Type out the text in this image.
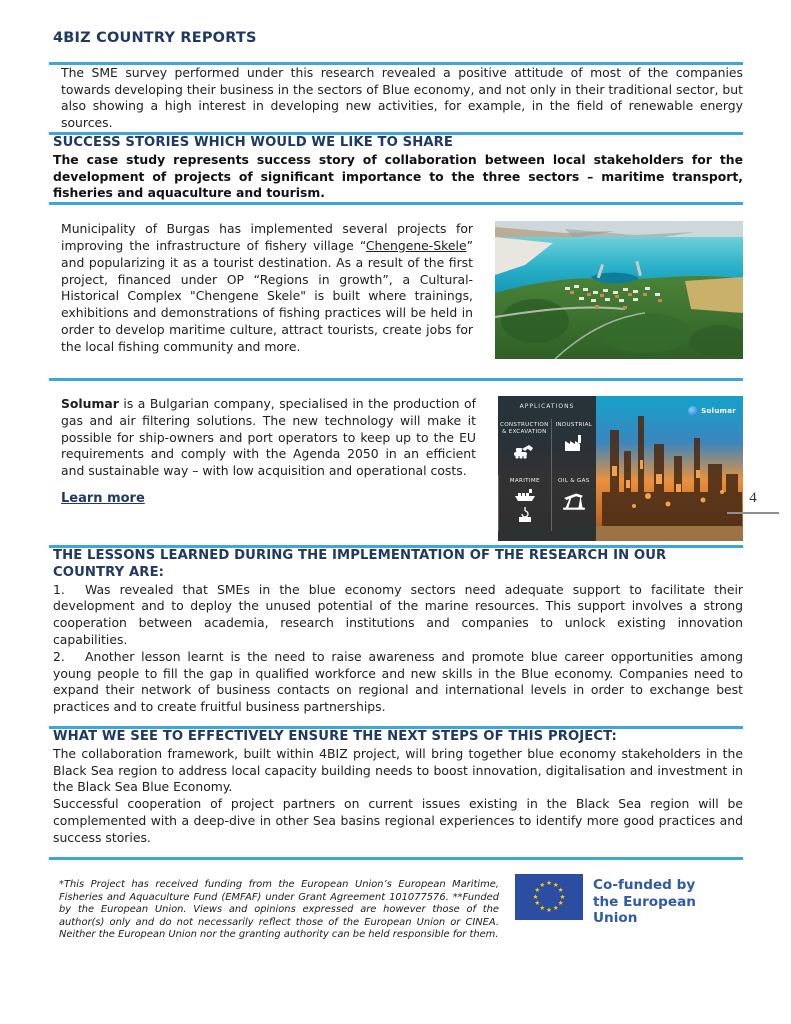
4BIZ COUNTRY REPORTS

The SME survey performed under this research revealed a positive attitude of most of the companies towards developing their business in the sectors of Blue economy, and not only in their traditional sector, but also showing a high interest in developing new activities, for example, in the field of renewable energy sources.

SUCCESS STORIES WHICH WOULD WE LIKE TO SHARE

The case study represents success story of collaboration between local stakeholders for the development of projects of significant importance to the three sectors – maritime transport, fisheries and aquaculture and tourism.

Municipality of Burgas has implemented several projects for improving the infrastructure of fishery village “Chengene-Skele” and popularizing it as a tourist destination. As a result of the first project, financed under OP “Regions in growth”, a Cultural-Historical Complex "Chengene Skele" is built where trainings, exhibitions and demonstrations of fishing practices will be held in order to develop maritime culture, attract tourists, create jobs for the local fishing community and more.

Solumar is a Bulgarian company, specialised in the production of gas and air filtering solutions. The new technology will make it possible for ship-owners and port operators to keep up to the EU requirements and comply with the Agenda 2050 in an efficient and sustainable way – with low acquisition and operational costs.

Learn more
APPLICATIONS
CONSTRUCTION & EXCAVATION
INDUSTRIAL
MARITIME	OIL & GAS
Solumar
THE LESSONS LEARNED DURING THE IMPLEMENTATION OF THE RESEARCH IN OUR COUNTRY ARE:

1. Was revealed that SMEs in the blue economy sectors need adequate support to facilitate their development and to deploy the unused potential of the marine resources. This support involves a strong cooperation between academia, research institutions and companies to unlock existing innovation capabilities.

2. Another lesson learnt is the need to raise awareness and promote blue career opportunities among young people to fill the gap in qualified workforce and new skills in the Blue economy. Companies need to expand their network of business contacts on regional and international levels in order to exchange best practices and to create fruitful business partnerships.

WHAT WE SEE TO EFFECTIVELY ENSURE THE NEXT STEPS OF THIS PROJECT:

The collaboration framework, built within 4BIZ project, will bring together blue economy stakeholders in the Black Sea region to address local capacity building needs to boost innovation, digitalisation and investment in the Black Sea Blue Economy.

Successful cooperation of project partners on current issues existing in the Black Sea region will be complemented with a deep-dive in other Sea basins regional experiences to identify more good practices and success stories.

*This Project has received funding from the European Union’s European Maritime, Fisheries and Aquaculture Fund (EMFAF) under Grant Agreement 101077576. **Funded by the European Union. Views and opinions expressed are however those of the author(s) only and do not necessarily reflect those of the European Union or CINEA. Neither the European Union nor the granting authority can be held responsible for them.

★ ★
★
★
★
★
★
★
★
★
★
★	Co-funded by
the European Union
4
